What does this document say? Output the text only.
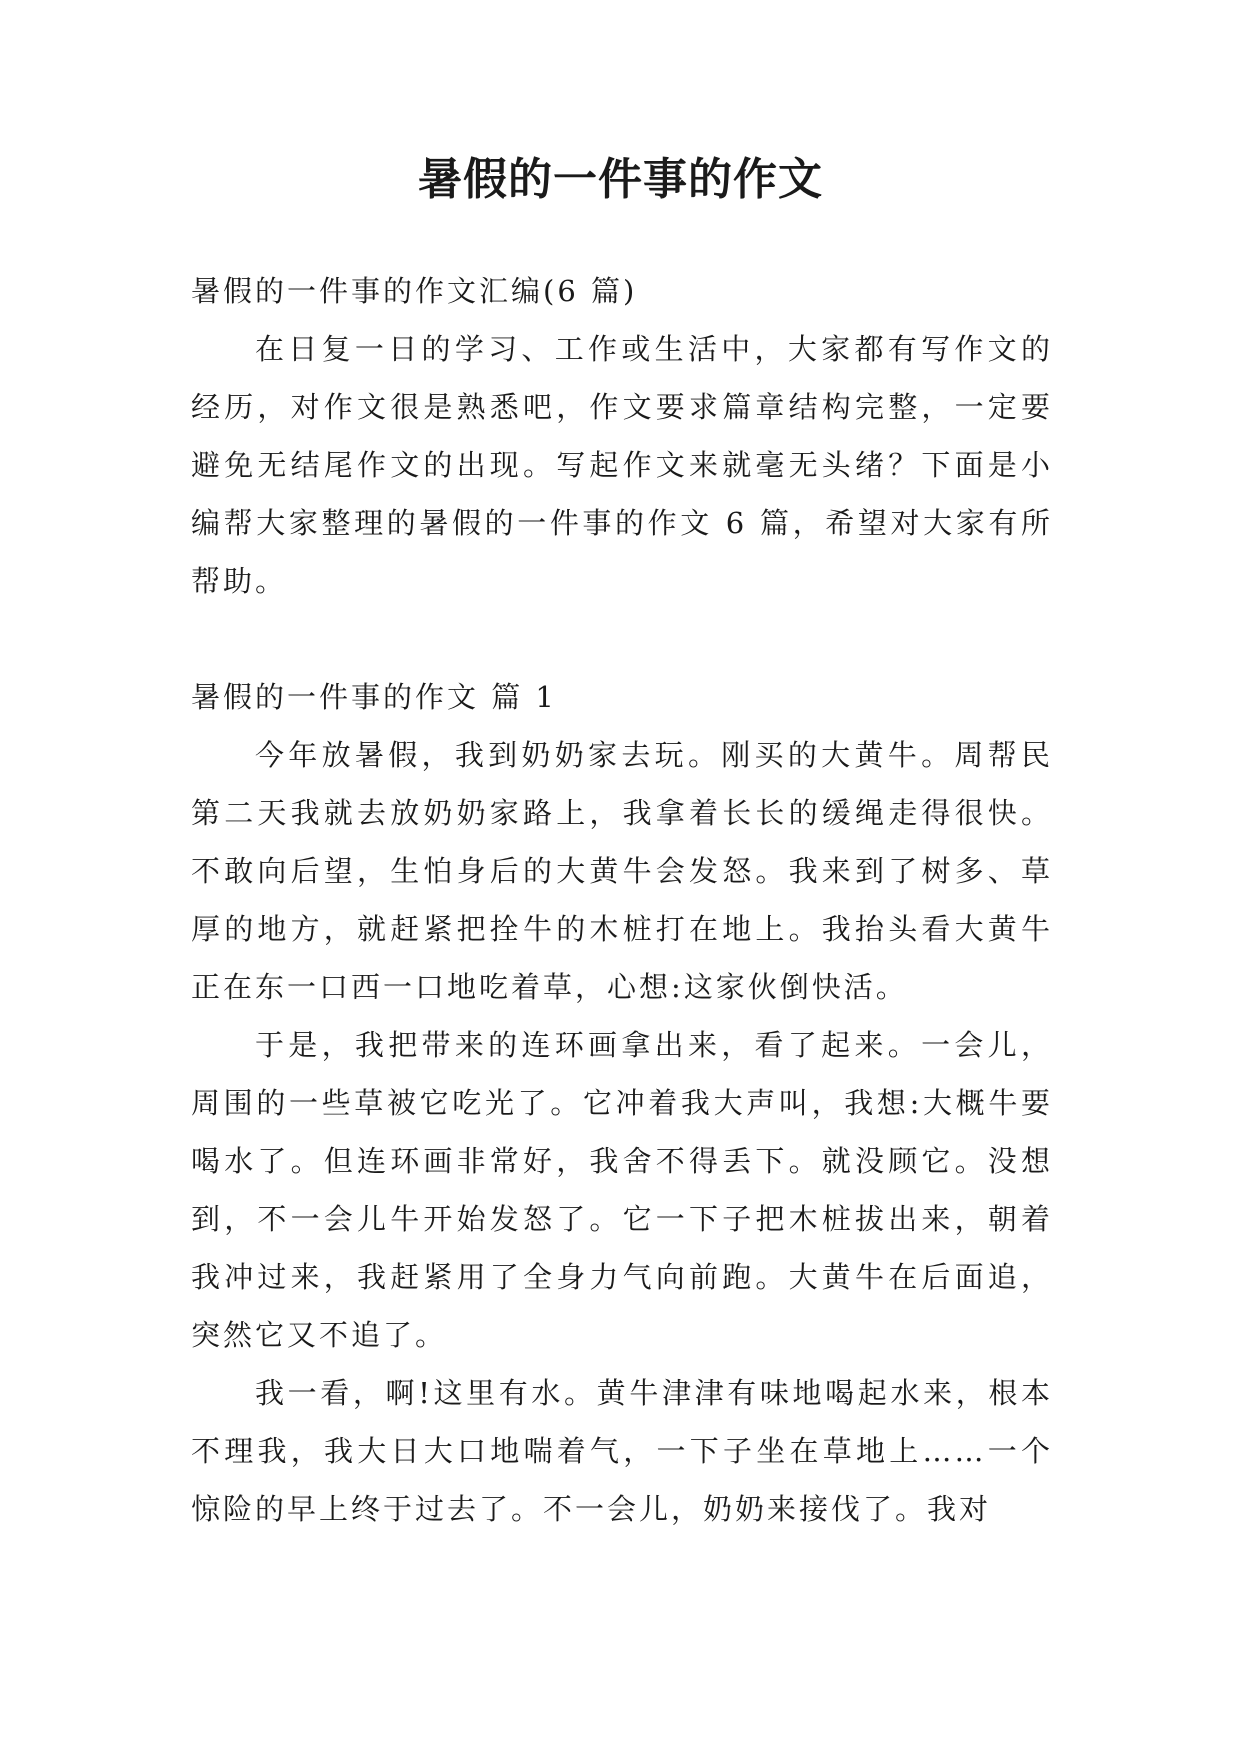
暑假的一件事的作文

暑假的一件事的作文汇编(6 篇)

在日复一日的学习、工作或生活中，大家都有写作文的经历，对作文很是熟悉吧，作文要求篇章结构完整，一定要避免无结尾作文的出现。写起作文来就毫无头绪？下面是小编帮大家整理的暑假的一件事的作文 6 篇，希望对大家有所帮助。

暑假的一件事的作文 篇 1

今年放暑假，我到奶奶家去玩。刚买的大黄牛。周帮民第二天我就去放奶奶家路上，我拿着长长的缓绳走得很快。不敢向后望，生怕身后的大黄牛会发怒。我来到了树多、草厚的地方，就赶紧把拴牛的木桩打在地上。我抬头看大黄牛正在东一口西一口地吃着草，心想:这家伙倒快活。

于是，我把带来的连环画拿出来，看了起来。一会儿，周围的一些草被它吃光了。它冲着我大声叫，我想:大概牛要喝水了。但连环画非常好，我舍不得丢下。就没顾它。没想到，不一会儿牛开始发怒了。它一下子把木桩拔出来，朝着我冲过来，我赶紧用了全身力气向前跑。大黄牛在后面追，突然它又不追了。

我一看，啊!这里有水。黄牛津津有味地喝起水来，根本不理我，我大日大口地喘着气，一下子坐在草地上……一个惊险的早上终于过去了。不一会儿，奶奶来接伐了。我对
